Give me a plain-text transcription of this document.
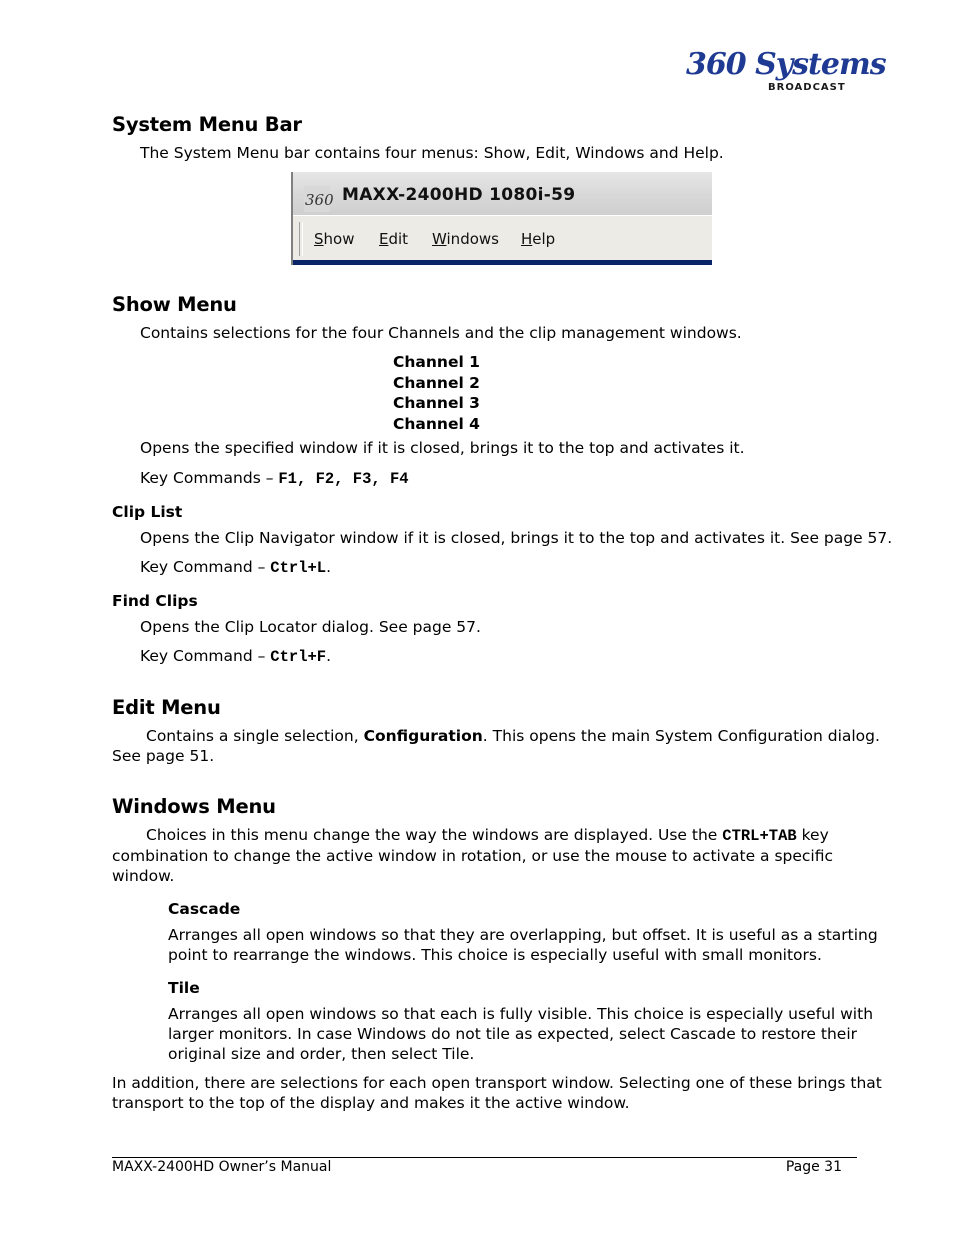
360 Systems
BROADCAST
System Menu Bar
The System Menu bar contains four menus: Show, Edit, Windows and Help.
360 MAXX-2400HD 1080i-59
Show Edit Windows Help
Show Menu
Contains selections for the four Channels and the clip management windows.
Channel 1
Channel 2
Channel 3
Channel 4
Opens the specified window if it is closed, brings it to the top and activates it.
Key Commands – F1, F2, F3, F4
Clip List
Opens the Clip Navigator window if it is closed, brings it to the top and activates it. See page 57.
Key Command – Ctrl+L.
Find Clips
Opens the Clip Locator dialog. See page 57.
Key Command – Ctrl+F.
Edit Menu
Contains a single selection, Configuration. This opens the main System Configuration dialog.
See page 51.
Windows Menu
Choices in this menu change the way the windows are displayed. Use the CTRL+TAB key
combination to change the active window in rotation, or use the mouse to activate a specific
window.
Cascade
Arranges all open windows so that they are overlapping, but offset. It is useful as a starting
point to rearrange the windows. This choice is especially useful with small monitors.
Tile
Arranges all open windows so that each is fully visible. This choice is especially useful with
larger monitors. In case Windows do not tile as expected, select Cascade to restore their
original size and order, then select Tile.
In addition, there are selections for each open transport window. Selecting one of these brings that
transport to the top of the display and makes it the active window.
MAXX-2400HD Owner’s Manual	Page 31
